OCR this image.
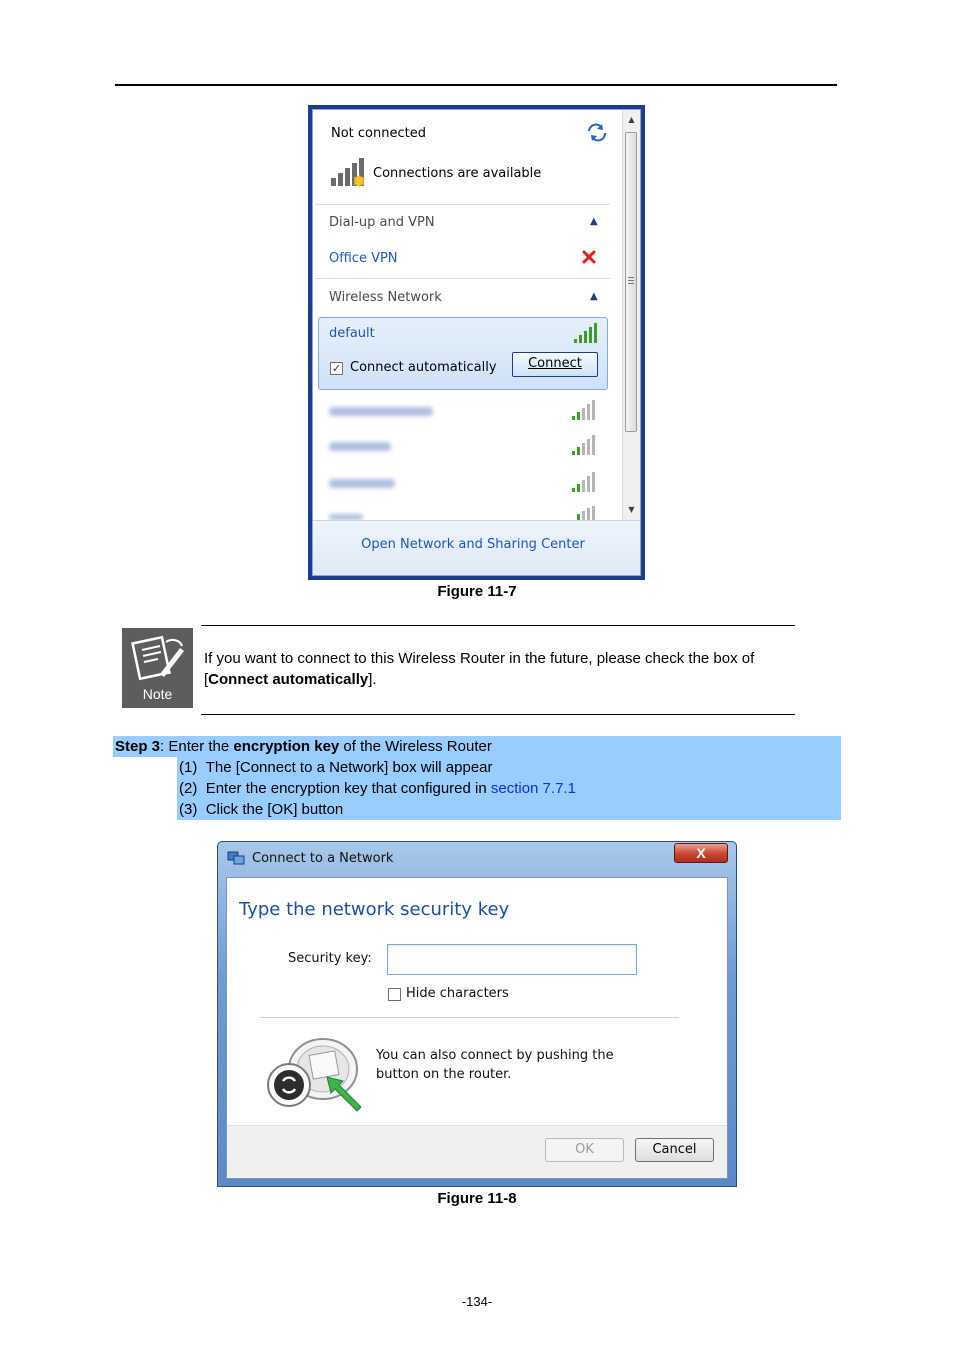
Not connected
Connections are available
Dial-up and VPN	▲
Office VPN
Wireless Network	▲
default
✓ Connect automatically	Connect
▲
▼
Open Network and Sharing Center
Figure 11-7
Note
If you want to connect to this Wireless Router in the future, please check the box of [Connect automatically].
Step 3: Enter the encryption key of the Wireless Router
(1) The [Connect to a Network] box will appear
(2) Enter the encryption key that configured in section 7.7.1
(3) Click the [OK] button
Connect to a Network	X
Type the network security key
Security key:
Hide characters
You can also connect by pushing the
button on the router.
OK	Cancel
Figure 11-8
-134-
